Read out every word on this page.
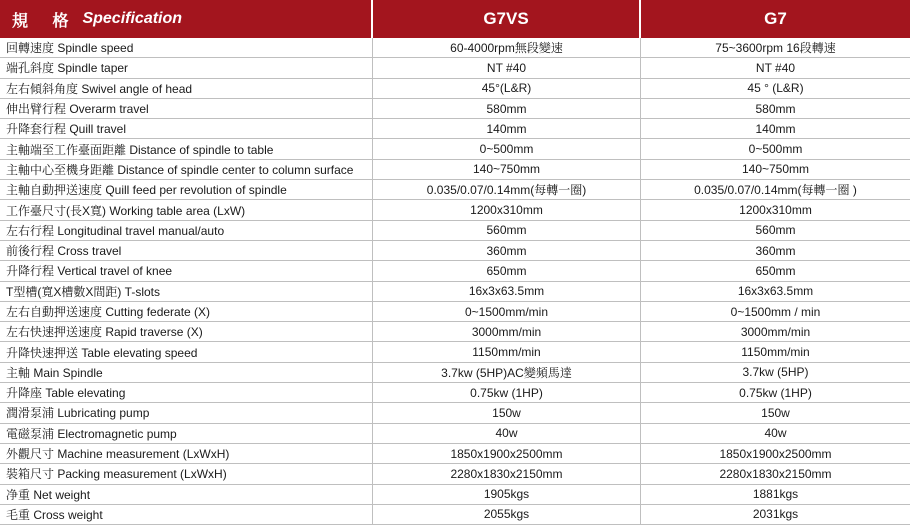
規 格 Specification	G7VS	G7
回轉速度 Spindle speed	60-4000rpm無段變速	75~3600rpm 16段轉速
端孔斜度 Spindle taper	NT #40	NT #40
左右傾斜角度 Swivel angle of head	45°(L&R)	45 ° (L&R)
伸出臂行程 Overarm travel	580mm	580mm
升降套行程 Quill travel	140mm	140mm
主軸端至工作臺面距離 Distance of spindle to table	0~500mm	0~500mm
主軸中心至機身距離 Distance of spindle center to column surface	140~750mm	140~750mm
主軸自動押送速度 Quill feed per revolution of spindle	0.035/0.07/0.14mm(每轉一圈)	0.035/0.07/0.14mm(每轉一圈 )
工作臺尺寸(長X寬) Working table area (LxW)	1200x310mm	1200x310mm
左右行程 Longitudinal travel manual/auto	560mm	560mm
前後行程 Cross travel	360mm	360mm
升降行程 Vertical travel of knee	650mm	650mm
T型槽(寬X槽數X間距) T-slots	16x3x63.5mm	16x3x63.5mm
左右自動押送速度 Cutting federate (X)	0~1500mm/min	0~1500mm / min
左右快速押送速度 Rapid traverse (X)	3000mm/min	3000mm/min
升降快速押送 Table elevating speed	1150mm/min	1150mm/min
主軸 Main Spindle	3.7kw (5HP)AC變頻馬達	3.7kw (5HP)
升降座 Table elevating	0.75kw (1HP)	0.75kw (1HP)
潤滑泵浦 Lubricating pump	150w	150w
電磁泵浦 Electromagnetic pump	40w	40w
外觀尺寸 Machine measurement (LxWxH)	1850x1900x2500mm	1850x1900x2500mm
裝箱尺寸 Packing measurement (LxWxH)	2280x1830x2150mm	2280x1830x2150mm
净重 Net weight	1905kgs	1881kgs
毛重 Cross weight	2055kgs	2031kgs
